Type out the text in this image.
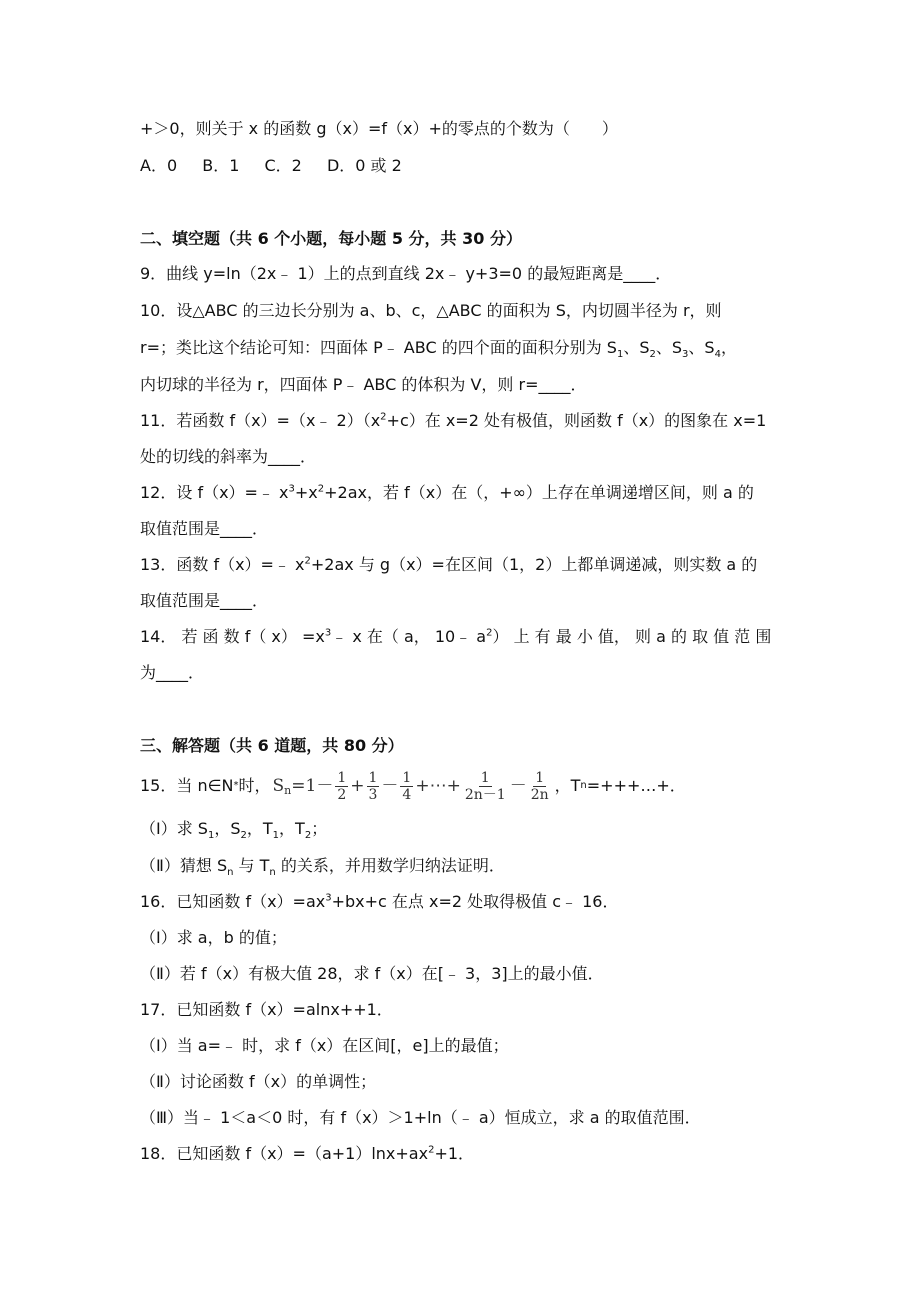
+＞0，则关于 x 的函数 g（x）=f（x）+的零点的个数为（　　）
A．0 B．1 C．2 D．0 或 2
二、填空题（共 6 个小题，每小题 5 分，共 30 分）
9．曲线 y=ln（2x﹣ 1）上的点到直线 2x﹣ y+3=0 的最短距离是____．
10．设△ABC 的三边长分别为 a、b、c，△ABC 的面积为 S，内切圆半径为 r，则
r=；类比这个结论可知：四面体 P﹣ ABC 的四个面的面积分别为 $S_1$、$S_2$、$S_3$、$S_4$，
内切球的半径为 r，四面体 P﹣ ABC 的体积为 V，则 r=____．
11．若函数 f（x）=（x﹣ $2)(x^2+c)$在 x=2 处有极值，则函数 f（x）的图象在 x=1
处的切线的斜率为____．
12．设 f（x）=﹣ $x^3+x^2+2ax$，若 f（x）在（，+∞）上存在单调递增区间，则 a 的
取值范围是____．
13．函数 f（x）=﹣ $x^2+2ax$ 与 g（x）=在区间（1，2）上都单调递减，则实数 a 的
取值范围是____．
14． 若 函 数 f（ $x) =x^3﹣$ x 在（ a， 10﹣ $a^2$） 上 有 最 小 值， 则 a 的 取 值 范 围
为____．
三、解答题（共 6 道题，共 80 分）
15．当 n∈N * 时， S $n =1 - \frac{1}{2} + \frac{1}{3} - \frac{1}{4}$ +⋯+ $\frac{1}{2n-1} - \frac{1}{2n}$ ，T n =+++…+．
（Ⅰ）求 $S_1$，$S_2$，$T_1$，$T_2$；
（Ⅱ）猜想 $S_n$ 与 $T_n$ 的关系，并用数学归纳法证明．
16．已知函数 $f(x)=ax^3+bx+c$ 在点 x=2 处取得极值 c﹣ 16．
（Ⅰ）求 a，b 的值；
（Ⅱ）若 f（x）有极大值 28，求 f（x）在[﹣ 3，3]上的最小值．
17．已知函数 f（x）=alnx++1．
（Ⅰ）当 a=﹣ 时，求 f（x）在区间[，e]上的最值；
（Ⅱ）讨论函数 f（x）的单调性；
（Ⅲ）当﹣ 1＜a＜0 时，有 f（x）＞1+ln（﹣ a）恒成立，求 a 的取值范围．
18．已知函数 $f(x)=(a+1)\ln x+ax^2+1$．
